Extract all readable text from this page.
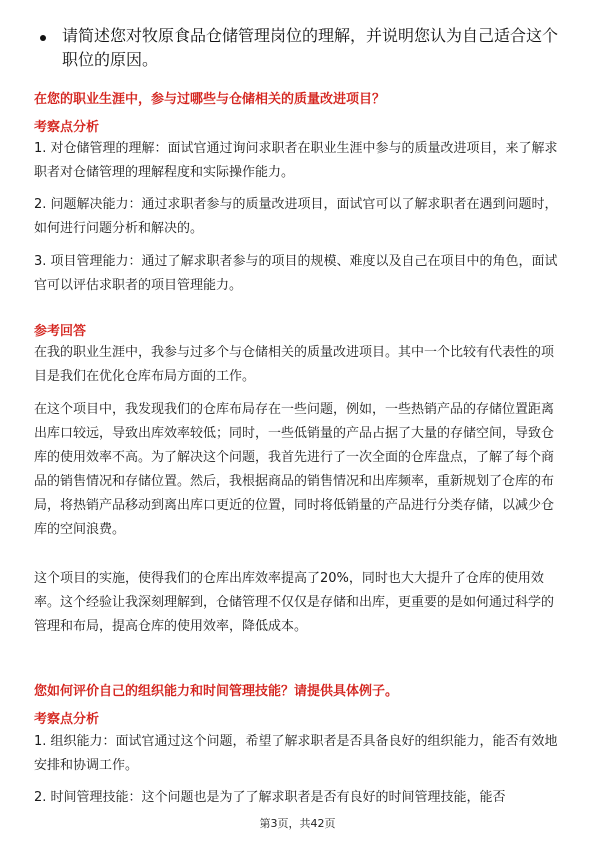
请简述您对牧原食品仓储管理岗位的理解，并说明您认为自己适合这个职位的原因。
在您的职业生涯中，参与过哪些与仓储相关的质量改进项目？
考察点分析
1. 对仓储管理的理解：面试官通过询问求职者在职业生涯中参与的质量改进项目，来了解求职者对仓储管理的理解程度和实际操作能力。
2. 问题解决能力：通过求职者参与的质量改进项目，面试官可以了解求职者在遇到问题时，如何进行问题分析和解决的。
3. 项目管理能力：通过了解求职者参与的项目的规模、难度以及自己在项目中的角色，面试官可以评估求职者的项目管理能力。
参考回答
在我的职业生涯中，我参与过多个与仓储相关的质量改进项目。其中一个比较有代表性的项目是我们在优化仓库布局方面的工作。
在这个项目中，我发现我们的仓库布局存在一些问题，例如，一些热销产品的存储位置距离出库口较远，导致出库效率较低；同时，一些低销量的产品占据了大量的存储空间，导致仓库的使用效率不高。为了解决这个问题，我首先进行了一次全面的仓库盘点，了解了每个商品的销售情况和存储位置。然后，我根据商品的销售情况和出库频率，重新规划了仓库的布局，将热销产品移动到离出库口更近的位置，同时将低销量的产品进行分类存储，以减少仓库的空间浪费。
这个项目的实施，使得我们的仓库出库效率提高了20%，同时也大大提升了仓库的使用效率。这个经验让我深刻理解到，仓储管理不仅仅是存储和出库，更重要的是如何通过科学的管理和布局，提高仓库的使用效率，降低成本。
您如何评价自己的组织能力和时间管理技能？请提供具体例子。
考察点分析
1. 组织能力：面试官通过这个问题，希望了解求职者是否具备良好的组织能力，能否有效地安排和协调工作。
2. 时间管理技能：这个问题也是为了了解求职者是否有良好的时间管理技能，能否
第3页，共42页
